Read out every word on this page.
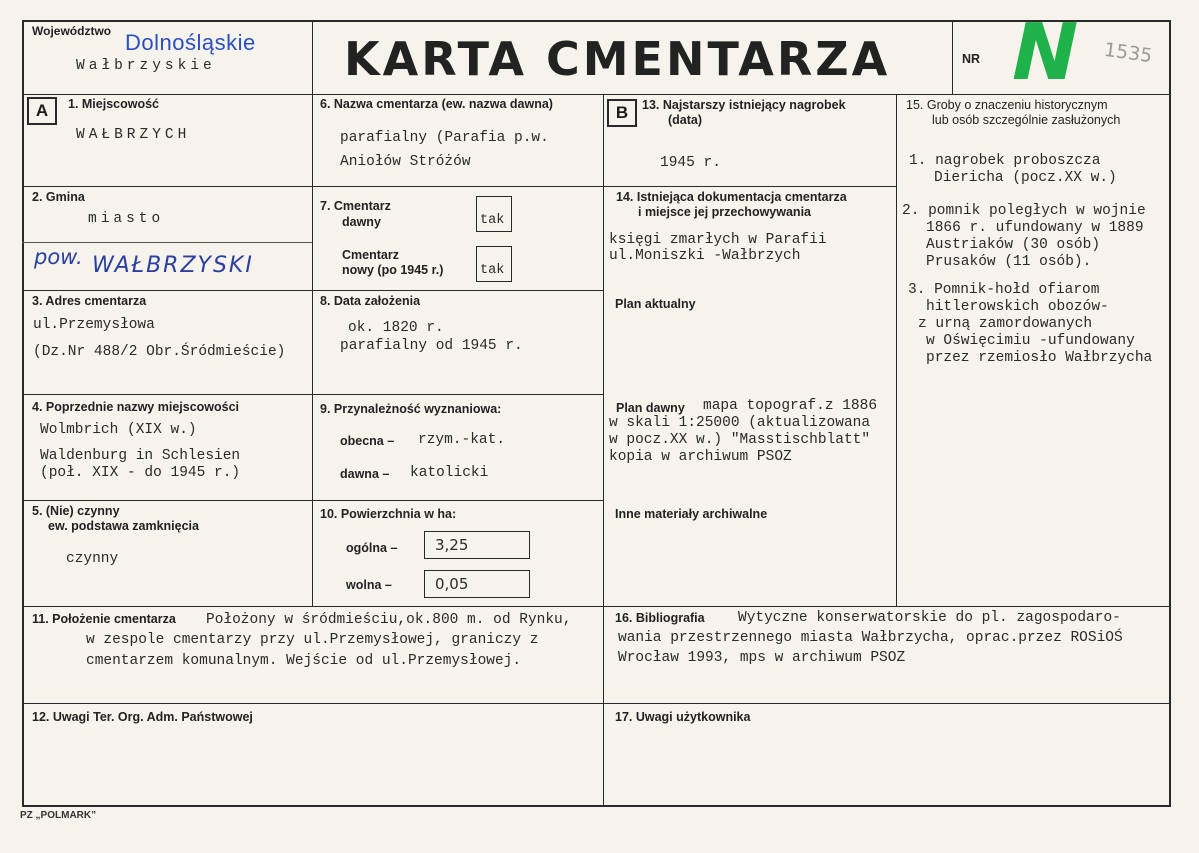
Województwo Dolnośląskie
Wałbrzyskie	KARTA CMENTARZA	NR N 1535
A	1. Miejscowość
WAŁBRZYCH
2. Gmina
miasto
pow. WAŁBRZYSKI
3. Adres cmentarza
ul.Przemysłowa
(Dz.Nr 488/2 Obr.Śródmieście)
4. Poprzednie nazwy miejscowości
Wolmbrich (XIX w.)
Waldenburg in Schlesien
(poł. XIX - do 1945 r.)
5. (Nie) czynny
ew. podstawa zamknięcia
czynny
6. Nazwa cmentarza (ew. nazwa dawna)
parafialny (Parafia p.w.
Aniołów Stróżów
7. Cmentarz
dawny	tak
Cmentarz
nowy (po 1945 r.)	tak
8. Data założenia
ok. 1820 r.
parafialny od 1945 r.
9. Przynależność wyznaniowa:
obecna – rzym.-kat.
dawna – katolicki
10. Powierzchnia w ha:
ogólna –	3,25
wolna –	0,05
B	13. Najstarszy istniejący nagrobek
(data)
1945 r.
14. Istniejąca dokumentacja cmentarza
i miejsce jej przechowywania
księgi zmarłych w Parafii
ul.Moniszki -Wałbrzych
Plan aktualny
Plan dawny mapa topograf.z 1886
w skali 1:25000 (aktualizowana
w pocz.XX w.) "Masstischblatt"
kopia w archiwum PSOZ
Inne materiały archiwalne
15. Groby o znaczeniu historycznym
lub osób szczególnie zasłużonych
1. nagrobek proboszcza
Diericha (pocz.XX w.)
2. pomnik poległych w wojnie
1866 r. ufundowany w 1889
Austriaków (30 osób)
Prusaków (11 osób).
3. Pomnik-hołd ofiarom
hitlerowskich obozów-
z urną zamordowanych
w Oświęcimiu -ufundowany
przez rzemiosło Wałbrzycha
11. Położenie cmentarza Położony w śródmieściu,ok.800 m. od Rynku,
w zespole cmentarzy przy ul.Przemysłowej, graniczy z
cmentarzem komunalnym. Wejście od ul.Przemysłowej.
16. Bibliografia Wytyczne konserwatorskie do pl. zagospodaro-
wania przestrzennego miasta Wałbrzycha, oprac.przez ROSiOŚ
Wrocław 1993, mps w archiwum PSOZ
12. Uwagi Ter. Org. Adm. Państwowej	17. Uwagi użytkownika
PZ „POLMARK”
